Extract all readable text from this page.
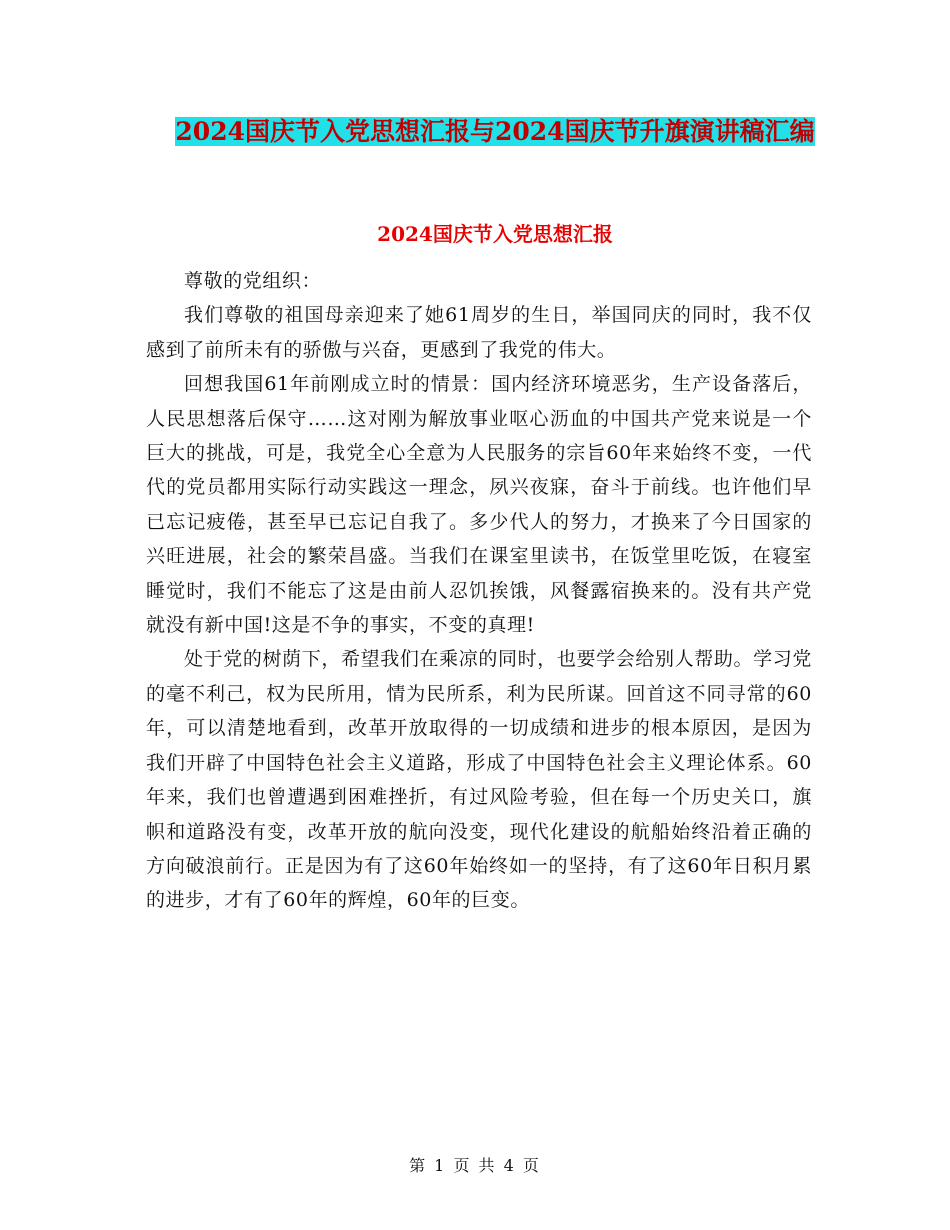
2024国庆节入党思想汇报与2024国庆节升旗演讲稿汇编
2024国庆节入党思想汇报

尊敬的党组织：

我们尊敬的祖国母亲迎来了她61周岁的生日，举国同庆的同时，我不仅感到了前所未有的骄傲与兴奋，更感到了我党的伟大。

回想我国61年前刚成立时的情景：国内经济环境恶劣，生产设备落后，人民思想落后保守……这对刚为解放事业呕心沥血的中国共产党来说是一个巨大的挑战，可是，我党全心全意为人民服务的宗旨60年来始终不变，一代代的党员都用实际行动实践这一理念，夙兴夜寐，奋斗于前线。也许他们早已忘记疲倦，甚至早已忘记自我了。多少代人的努力，才换来了今日国家的兴旺进展，社会的繁荣昌盛。当我们在课室里读书，在饭堂里吃饭，在寝室睡觉时，我们不能忘了这是由前人忍饥挨饿，风餐露宿换来的。没有共产党就没有新中国!这是不争的事实，不变的真理!

处于党的树荫下，希望我们在乘凉的同时，也要学会给别人帮助。学习党的毫不利己，权为民所用，情为民所系，利为民所谋。回首这不同寻常的60年，可以清楚地看到，改革开放取得的一切成绩和进步的根本原因，是因为我们开辟了中国特色社会主义道路，形成了中国特色社会主义理论体系。60年来，我们也曾遭遇到困难挫折，有过风险考验，但在每一个历史关口，旗帜和道路没有变，改革开放的航向没变，现代化建设的航船始终沿着正确的方向破浪前行。正是因为有了这60年始终如一的坚持，有了这60年日积月累的进步，才有了60年的辉煌，60年的巨变。

第 1 页 共 4 页
